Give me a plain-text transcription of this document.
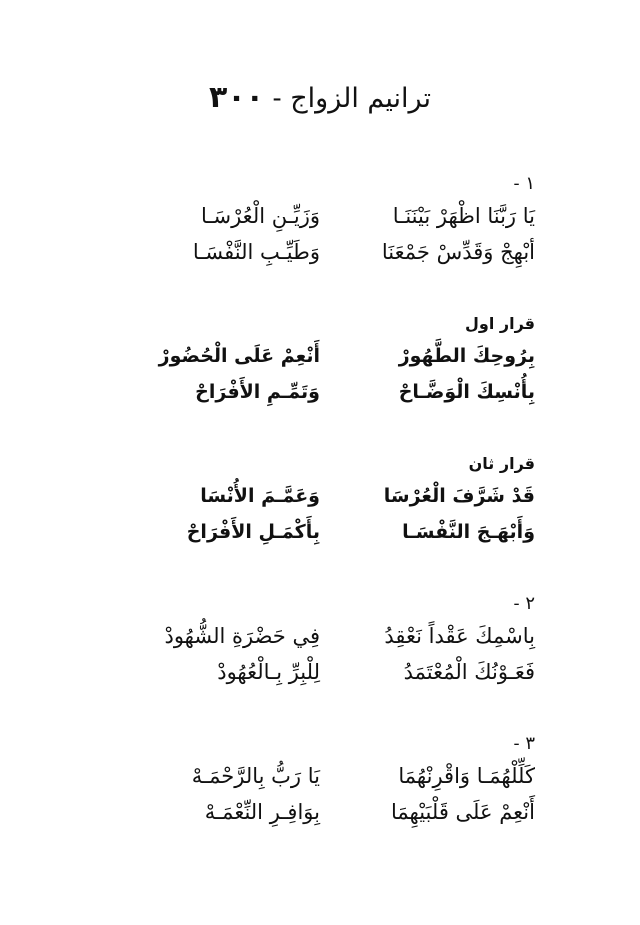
ترانيم الزواج - ٣٠٠
١ -
يَا رَبَّنَا اظْهَرْ بَيْنَنَـا
وَزَيِّـنِ الْعُرْسَـا
أبْهِجْ وَقَدِّسْ جَمْعَنَا
وَطَيِّـبِ النَّفْسَـا
قرار اول
بِرُوحِكَ الطَّهُورْ
أَنْعِمْ عَلَى الْحُضُورْ
بِأُنْسِكَ الْوَضَّـاحْ
وَتَمِّـمِ الأَفْرَاحْ
قرار ثان
قَدْ شَرَّفَ الْعُرْسَا
وَعَمَّـمَ الأُنْسَا
وَأَبْهَـجَ النَّفْسَـا
بِأَكْمَـلِ الأَفْرَاحْ
٢ -
بِاسْمِكَ عَقْداً نَعْقِدُ
فِي حَضْرَةِ الشُّهُودْ
فَعَـوْنُكَ الْمُعْتَمَدُ
لِلْبِرِّ بِـالْعُهُودْ
٣ -
كَلِّلْهُمَـا وَاقْرِنْهُمَا
يَا رَبُّ بِالرَّحْمَـهْ
أَنْعِمْ عَلَى قَلْبَيْهِمَا
بِوَافِـرِ النِّعْمَـهْ
